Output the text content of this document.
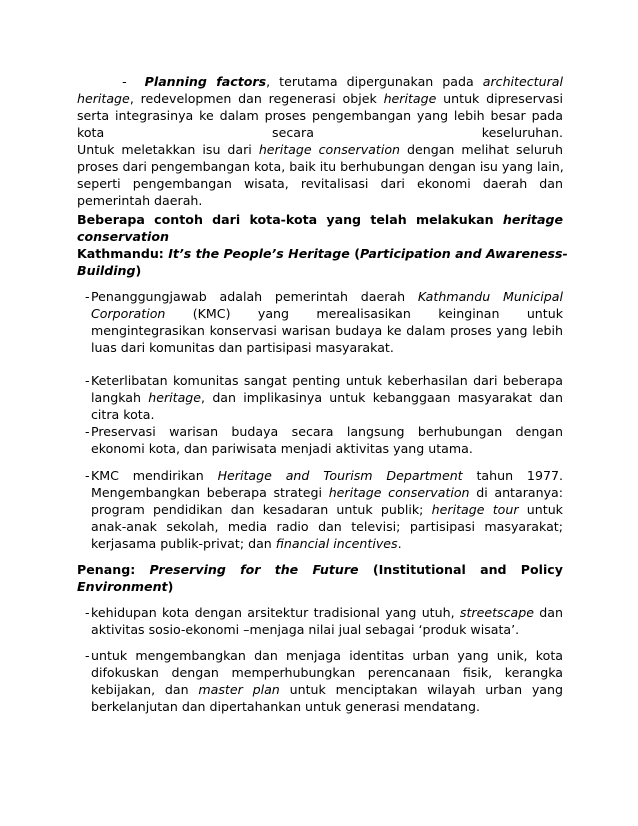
- Planning factors, terutama dipergunakan pada architectural
heritage, redevelopmen dan regenerasi objek heritage untuk dipreservasi
serta integrasinya ke dalam proses pengembangan yang lebih besar pada
kota                            secara                            keseluruhan.
Untuk meletakkan isu dari heritage conservation dengan melihat seluruh
proses dari pengembangan kota, baik itu berhubungan dengan isu yang lain,
seperti pengembangan wisata, revitalisasi dari ekonomi daerah dan
pemerintah daerah.
Beberapa contoh dari kota-kota yang telah melakukan heritage
conservation
Kathmandu: It’s the People’s Heritage (Participation and Awareness-
Building)
- Penanggungjawab adalah pemerintah daerah Kathmandu Municipal
Corporation (KMC) yang merealisasikan keinginan untuk
mengintegrasikan konservasi warisan budaya ke dalam proses yang lebih
luas dari komunitas dan partisipasi masyarakat.
- Keterlibatan komunitas sangat penting untuk keberhasilan dari beberapa
langkah heritage, dan implikasinya untuk kebanggaan masyarakat dan
citra kota.
- Preservasi warisan budaya secara langsung berhubungan dengan
ekonomi kota, dan pariwisata menjadi aktivitas yang utama.
- KMC mendirikan Heritage and Tourism Department tahun 1977.
Mengembangkan beberapa strategi heritage conservation di antaranya:
program pendidikan dan kesadaran untuk publik; heritage tour untuk
anak-anak sekolah, media radio dan televisi; partisipasi masyarakat;
kerjasama publik-privat; dan financial incentives.
Penang: Preserving for the Future (Institutional and Policy
Environment)
- kehidupan kota dengan arsitektur tradisional yang utuh, streetscape dan
aktivitas sosio-ekonomi –menjaga nilai jual sebagai ‘produk wisata’.
- untuk mengembangkan dan menjaga identitas urban yang unik, kota
difokuskan dengan memperhubungkan perencanaan fisik, kerangka
kebijakan, dan master plan untuk menciptakan wilayah urban yang
berkelanjutan dan dipertahankan untuk generasi mendatang.
